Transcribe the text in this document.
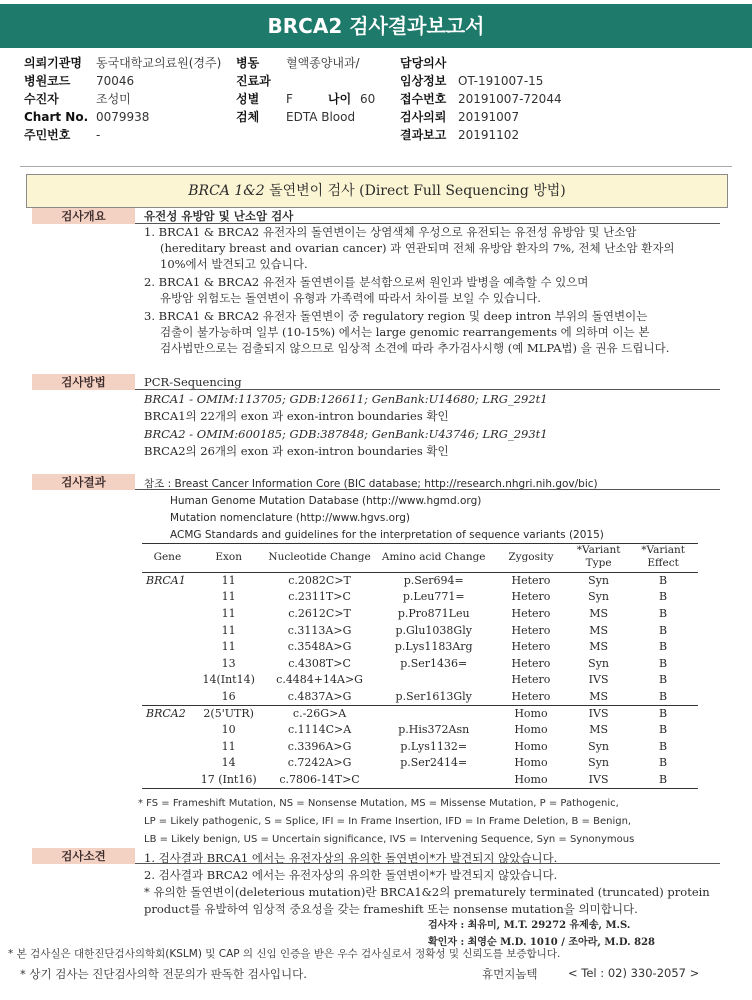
BRCA2 검사결과보고서
의뢰기관명 동국대학교의료원(경주) 병동 혈액종양내과/	담당의사
병원코드 70046	진료과	임상정보 OT-191007-15
수진자	조성미	성별 F	나이 60 접수번호 20191007-72044
Chart No. 0079938	검체 EDTA Blood	검사의뢰 20191007
주민번호 -	결과보고 20191102
BRCA 1&2 돌연변이 검사 (Direct Full Sequencing 방법)
검사개요	유전성 유방암 및 난소암 검사
1. BRCA1 & BRCA2 유전자의 돌연변이는 상염색체 우성으로 유전되는 유전성 유방암 및 난소암
(hereditary breast and ovarian cancer) 과 연관되며 전체 유방암 환자의 7%, 전체 난소암 환자의
10%에서 발견되고 있습니다.
2. BRCA1 & BRCA2 유전자 돌연변이를 분석함으로써 원인과 발병을 예측할 수 있으며
유방암 위험도는 돌연변이 유형과 가족력에 따라서 차이를 보일 수 있습니다.
3. BRCA1 & BRCA2 유전자 돌연변이 중 regulatory region 및 deep intron 부위의 돌연변이는
검출이 불가능하며 일부 (10-15%) 에서는 large genomic rearrangements 에 의하며 이는 본
검사법만으로는 검출되지 않으므로 임상적 소견에 따라 추가검사시행 (예 MLPA법) 을 권유 드립니다.
검사방법	PCR-Sequencing
BRCA1 - OMIM:113705; GDB:126611; GenBank:U14680; LRG_292t1
BRCA1의 22개의 exon 과 exon-intron boundaries 확인
BRCA2 - OMIM:600185; GDB:387848; GenBank:U43746; LRG_293t1
BRCA2의 26개의 exon 과 exon-intron boundaries 확인
검사결과	참조 : Breast Cancer Information Core (BIC database; http://research.nhgri.nih.gov/bic)
Human Genome Mutation Database (http://www.hgmd.org)
Mutation nomenclature (http://www.hgvs.org)
ACMG Standards and guidelines for the interpretation of sequence variants (2015)
Gene	Exon	Nucleotide Change	Amino acid Change	Zygosity	*Variant Type	*Variant Effect
BRCA1	11	c.2082C>T	p.Ser694=	Hetero	Syn	B
	11	c.2311T>C	p.Leu771=	Hetero	Syn	B
	11	c.2612C>T	p.Pro871Leu	Hetero	MS	B
	11	c.3113A>G	p.Glu1038Gly	Hetero	MS	B
	11	c.3548A>G	p.Lys1183Arg	Hetero	MS	B
	13	c.4308T>C	p.Ser1436=	Hetero	Syn	B
	14(Int14)	c.4484+14A>G		Hetero	IVS	B
	16	c.4837A>G	p.Ser1613Gly	Hetero	MS	B
BRCA2	2(5'UTR)	c.-26G>A		Homo	IVS	B
	10	c.1114C>A	p.His372Asn	Homo	MS	B
	11	c.3396A>G	p.Lys1132=	Homo	Syn	B
	14	c.7242A>G	p.Ser2414=	Homo	Syn	B
	17 (Int16)	c.7806-14T>C		Homo	IVS	B
* FS = Frameshift Mutation, NS = Nonsense Mutation, MS = Missense Mutation, P = Pathogenic,
LP = Likely pathogenic, S = Splice, IFI = In Frame Insertion, IFD = In Frame Deletion, B = Benign,
LB = Likely benign, US = Uncertain significance, IVS = Intervening Sequence, Syn = Synonymous
검사소견	1. 검사결과 BRCA1 에서는 유전자상의 유의한 돌연변이*가 발견되지 않았습니다.
2. 검사결과 BRCA2 에서는 유전자상의 유의한 돌연변이*가 발견되지 않았습니다.
* 유의한 돌연변이(deleterious mutation)란 BRCA1&2의 prematurely terminated (truncated) protein
product를 유발하여 임상적 중요성을 갖는 frameshift 또는 nonsense mutation을 의미합니다.
검사자 : 최유미, M.T. 29272 유제송, M.S.
확인자 : 최영순 M.D. 1010 / 조아라, M.D. 828
* 본 검사실은 대한진단검사의학회(KSLM) 및 CAP 의 신임 인증을 받은 우수 검사실로서 정확성 및 신뢰도를 보증합니다.
* 상기 검사는 진단검사의학 전문의가 판독한 검사입니다.	휴먼지놈텍	< Tel : 02) 330-2057 >
